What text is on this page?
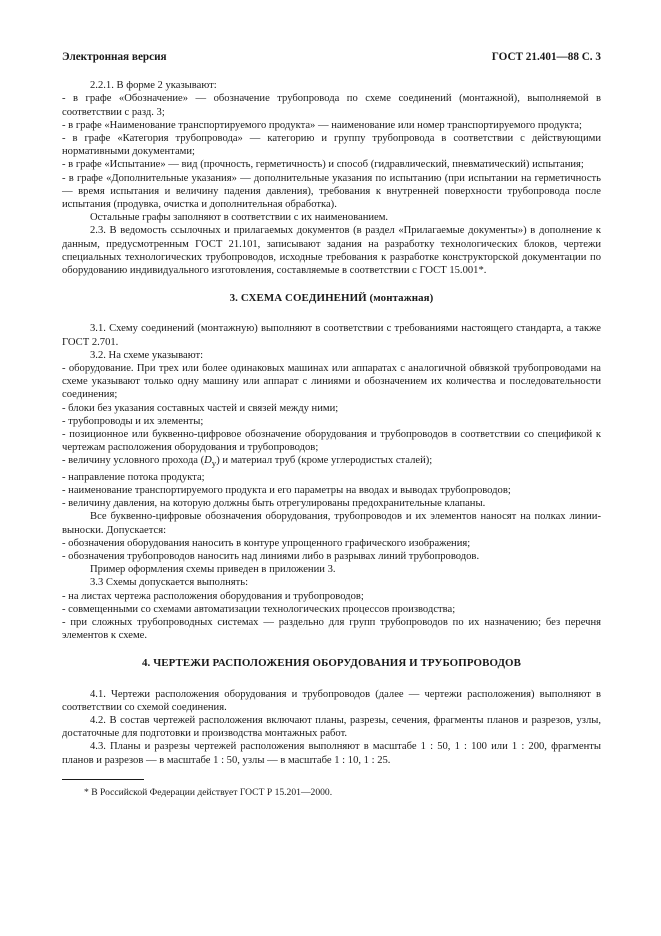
Электронная версия	ГОСТ 21.401—88 С. 3

2.2.1. В форме 2 указывают:

- в графе «Обозначение» — обозначение трубопровода по схеме соединений (монтажной), выполняемой в соответствии с разд. 3;

- в графе «Наименование транспортируемого продукта» — наименование или номер транспортируемого продукта;

- в графе «Категория трубопровода» — категорию и группу трубопровода в соответствии с действующими нормативными документами;

- в графе «Испытание» — вид (прочность, герметичность) и способ (гидравлический, пневматический) испытания;

- в графе «Дополнительные указания» — дополнительные указания по испытанию (при испытании на герметичность — время испытания и величину падения давления), требования к внутренней поверхности трубопровода после испытания (продувка, очистка и дополнительная обработка).

Остальные графы заполняют в соответствии с их наименованием.

2.3. В ведомость ссылочных и прилагаемых документов (в раздел «Прилагаемые документы») в дополнение к данным, предусмотренным ГОСТ 21.101, записывают задания на разработку технологических блоков, чертежи специальных технологических трубопроводов, исходные требования к разработке конструкторской документации по оборудованию индивидуального изготовления, составляемые в соответствии с ГОСТ 15.001*.

3. СХЕМА СОЕДИНЕНИЙ (монтажная)

3.1. Схему соединений (монтажную) выполняют в соответствии с требованиями настоящего стандарта, а также ГОСТ 2.701.

3.2. На схеме указывают:

- оборудование. При трех или более одинаковых машинах или аппаратах с аналогичной обвязкой трубопроводами на схеме указывают только одну машину или аппарат с линиями и обозначением их количества и последовательности соединения;

- блоки без указания составных частей и связей между ними;

- трубопроводы и их элементы;

- позиционное или буквенно-цифровое обозначение оборудования и трубопроводов в соответствии со спецификой к чертежам расположения оборудования и трубопроводов;

- величину условного прохода $(D_у)$ и материал труб (кроме углеродистых сталей);

- направление потока продукта;

- наименование транспортируемого продукта и его параметры на вводах и выводах трубопроводов;

- величину давления, на которую должны быть отрегулированы предохранительные клапаны.

Все буквенно-цифровые обозначения оборудования, трубопроводов и их элементов наносят на полках линии-выноски. Допускается:

- обозначения оборудования наносить в контуре упрощенного графического изображения;

- обозначения трубопроводов наносить над линиями либо в разрывах линий трубопроводов.

Пример оформления схемы приведен в приложении 3.

3.3 Схемы допускается выполнять:

- на листах чертежа расположения оборудования и трубопроводов;

- совмещенными со схемами автоматизации технологических процессов производства;

- при сложных трубопроводных системах — раздельно для групп трубопроводов по их назначению; без перечня элементов к схеме.

4. ЧЕРТЕЖИ РАСПОЛОЖЕНИЯ ОБОРУДОВАНИЯ И ТРУБОПРОВОДОВ

4.1. Чертежи расположения оборудования и трубопроводов (далее — чертежи расположения) выполняют в соответствии со схемой соединения.

4.2. В состав чертежей расположения включают планы, разрезы, сечения, фрагменты планов и разрезов, узлы, достаточные для подготовки и производства монтажных работ.

4.3. Планы и разрезы чертежей расположения выполняют в масштабе 1 : 50, 1 : 100 или 1 : 200, фрагменты планов и разрезов — в масштабе 1 : 50, узлы — в масштабе 1 : 10, 1 : 25.

* В Российской Федерации действует ГОСТ Р 15.201—2000.
